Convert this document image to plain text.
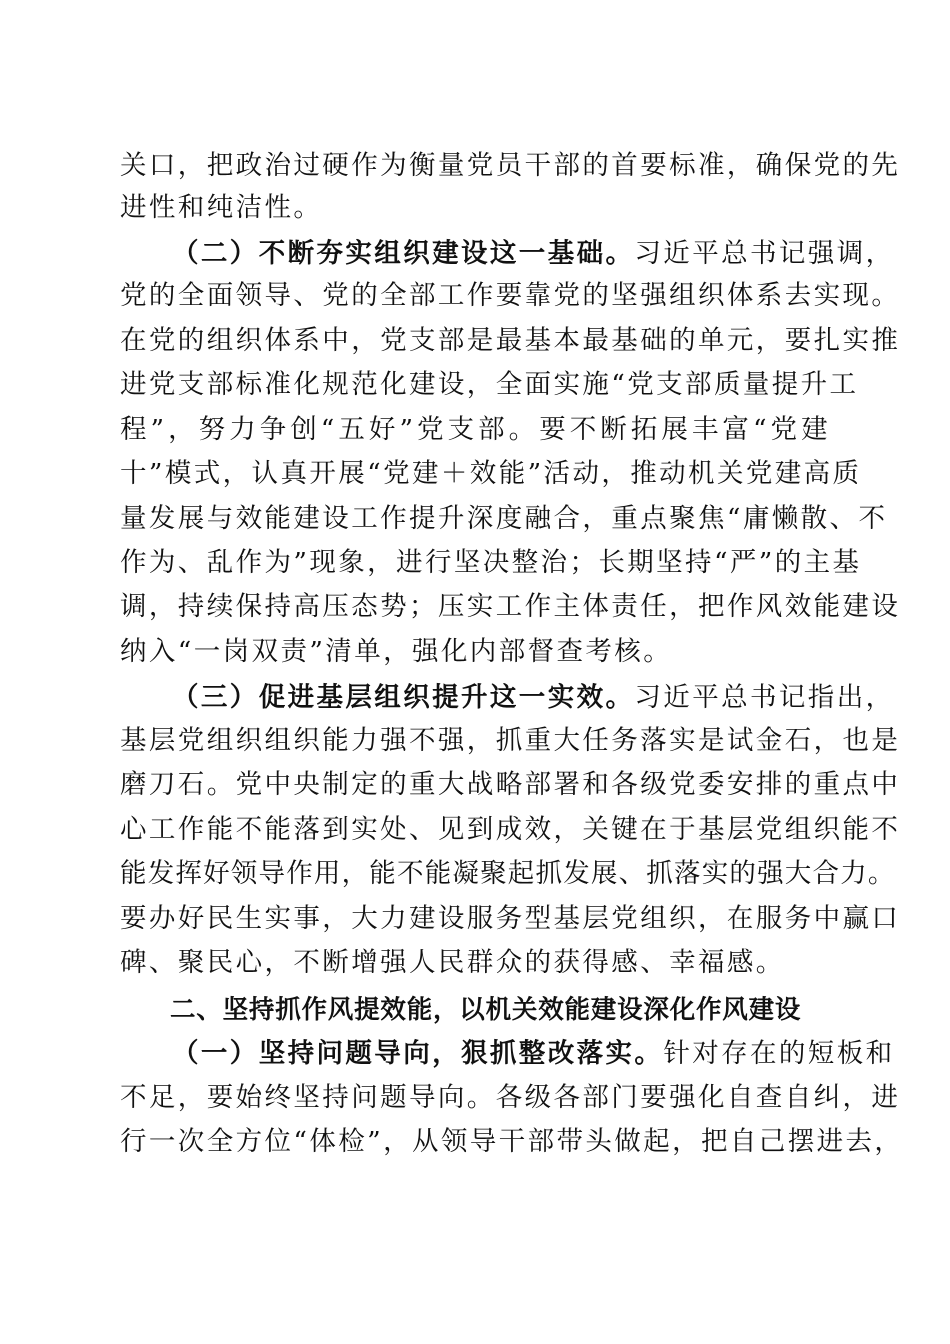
关口，把政治过硬作为衡量党员干部的首要标准，确保党的先
进性和纯洁性。
（二）不断夯实组织建设这一基础。习近平总书记强调，
党的全面领导、党的全部工作要靠党的坚强组织体系去实现。
在党的组织体系中，党支部是最基本最基础的单元，要扎实推
进党支部标准化规范化建设，全面实施“党支部质量提升工
程”，努力争创“五好”党支部。要不断拓展丰富“党建
十”模式，认真开展“党建＋效能”活动，推动机关党建高质
量发展与效能建设工作提升深度融合，重点聚焦“庸懒散、不
作为、乱作为”现象，进行坚决整治；长期坚持“严”的主基
调，持续保持高压态势；压实工作主体责任，把作风效能建设
纳入“一岗双责”清单，强化内部督查考核。
（三）促进基层组织提升这一实效。习近平总书记指出，
基层党组织组织能力强不强，抓重大任务落实是试金石，也是
磨刀石。党中央制定的重大战略部署和各级党委安排的重点中
心工作能不能落到实处、见到成效，关键在于基层党组织能不
能发挥好领导作用，能不能凝聚起抓发展、抓落实的强大合力。
要办好民生实事，大力建设服务型基层党组织，在服务中赢口
碑、聚民心，不断增强人民群众的获得感、幸福感。
二、坚持抓作风提效能，以机关效能建设深化作风建设
（一）坚持问题导向，狠抓整改落实。针对存在的短板和
不足，要始终坚持问题导向。各级各部门要强化自查自纠，进
行一次全方位“体检”，从领导干部带头做起，把自己摆进去，
